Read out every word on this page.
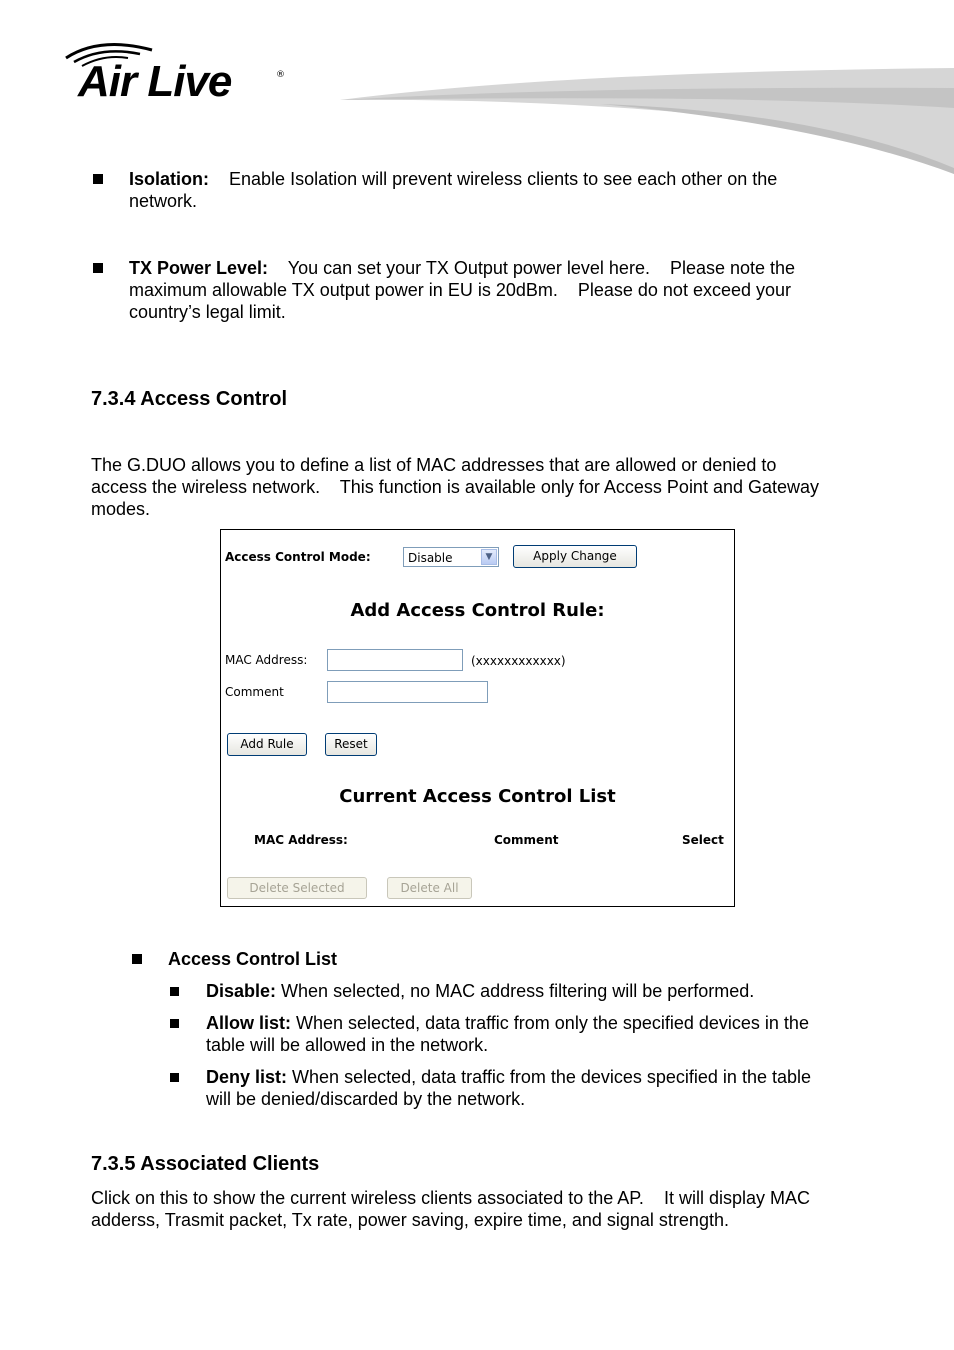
Air Live	®
Isolation: Enable Isolation will prevent wireless clients to see each other on the
network.
TX Power Level: You can set your TX Output power level here.    Please note the
maximum allowable TX output power in EU is 20dBm.    Please do not exceed your
country’s legal limit.
7.3.4 Access Control
The G.DUO allows you to define a list of MAC addresses that are allowed or denied to
access the wireless network.    This function is available only for Access Point and Gateway
modes.
Access Control Mode:	Disable	▼	Apply Change
Add Access Control Rule:
MAC Address:	(xxxxxxxxxxxx)
Comment
Add Rule	Reset
Current Access Control List
MAC Address:	Comment	Select
Delete Selected	Delete All
Access Control List
Disable: When selected, no MAC address filtering will be performed.
Allow list: When selected, data traffic from only the specified devices in the
table will be allowed in the network.
Deny list: When selected, data traffic from the devices specified in the table
will be denied/discarded by the network.
7.3.5 Associated Clients
Click on this to show the current wireless clients associated to the AP.    It will display MAC
adderss, Trasmit packet, Tx rate, power saving, expire time, and signal strength.
